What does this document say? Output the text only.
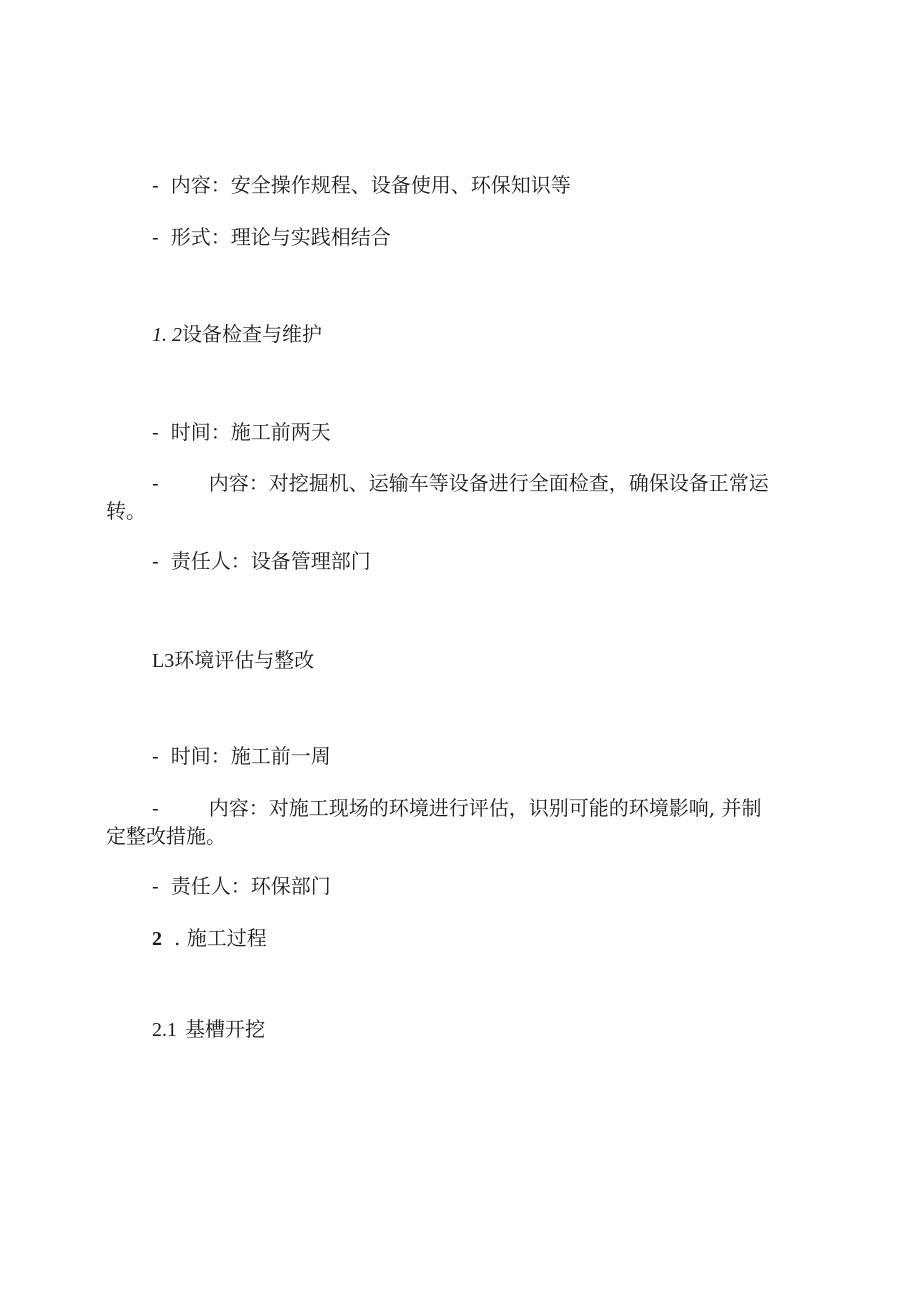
- 内容：安全操作规程、设备使用、环保知识等
- 形式：理论与实践相结合
1. 2设备检查与维护
- 时间：施工前两天
-	内容：对挖掘机、运输车等设备进行全面检查，确保设备正常运
转。
- 责任人：设备管理部门
L3环境评估与整改
- 时间：施工前一周
-	内容：对施工现场的环境进行评估，识别可能的环境影响, 并制
定整改措施。
- 责任人：环保部门
2 . 施工过程
2.1 基槽开挖
